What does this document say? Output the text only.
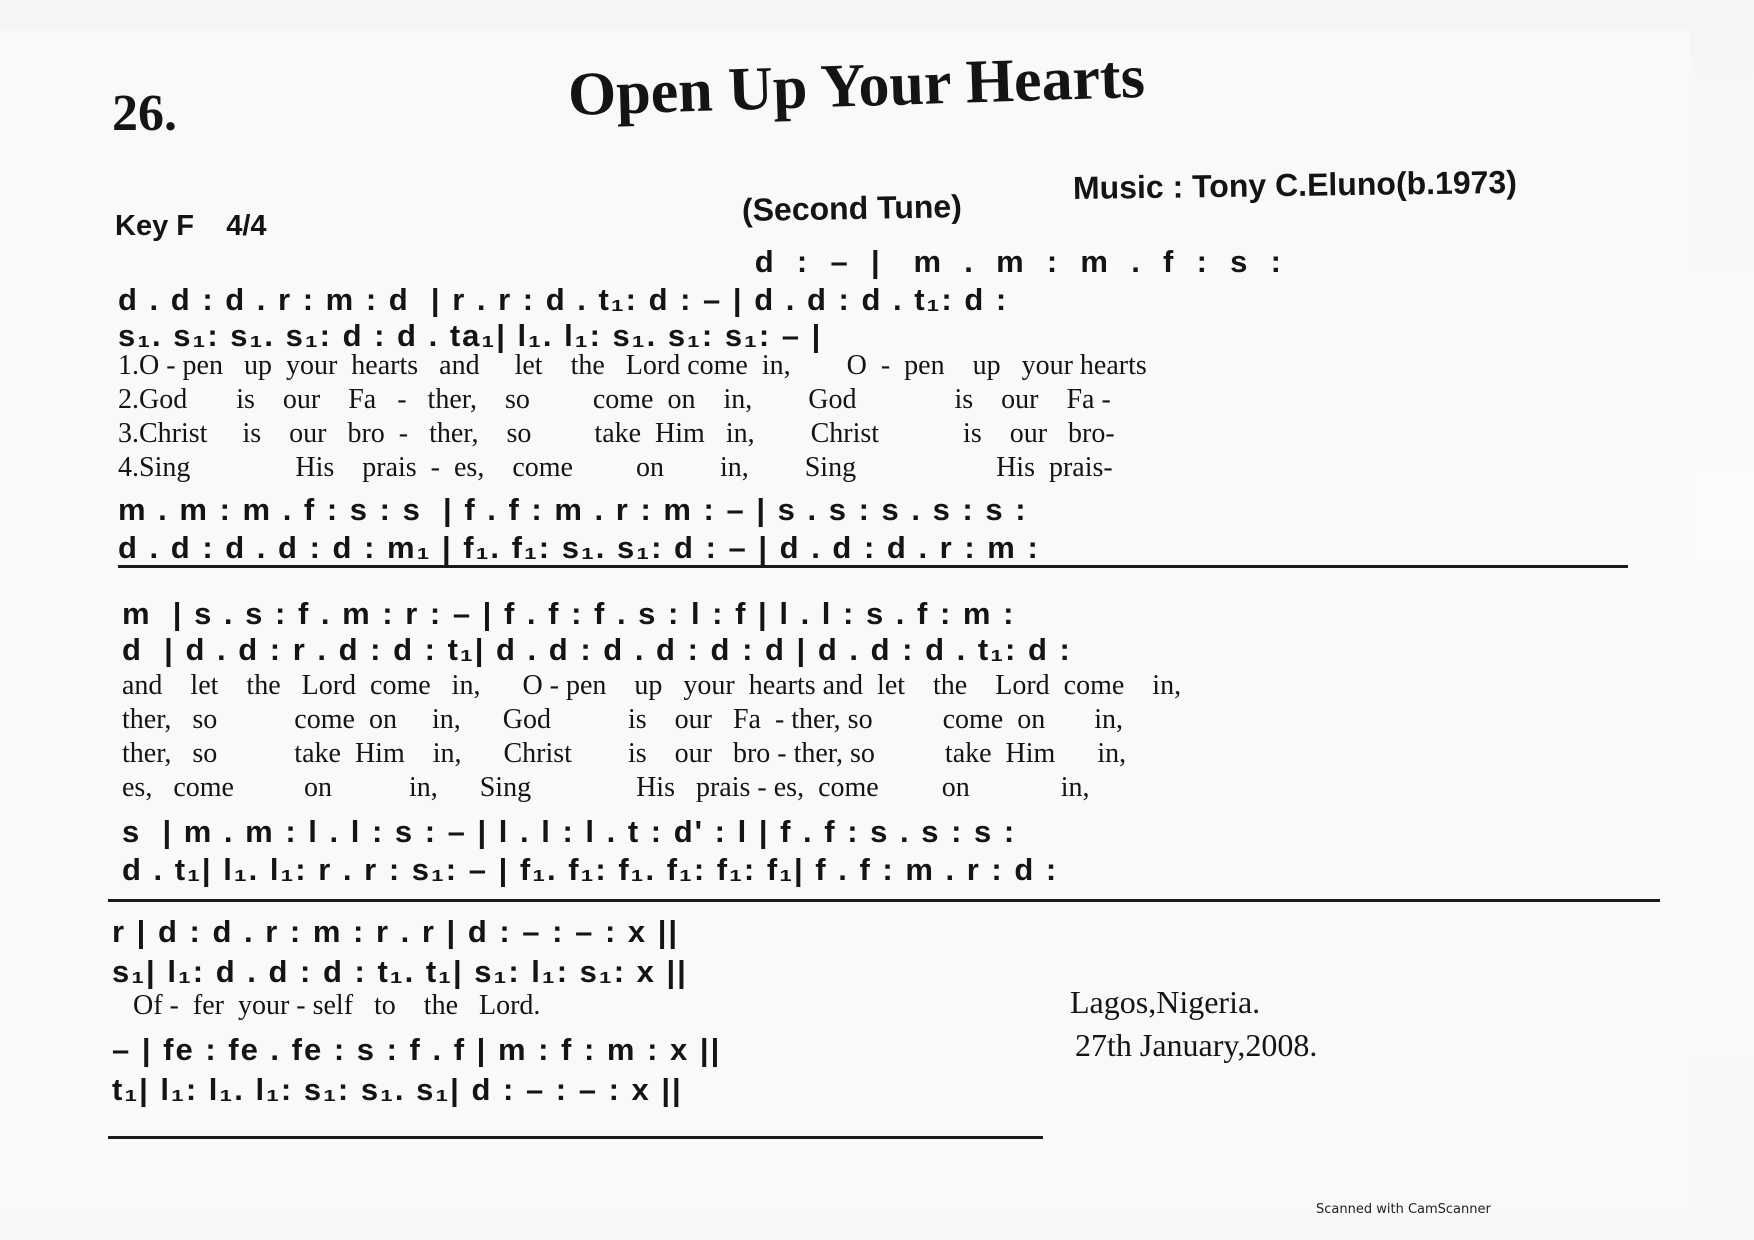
26.	Open Up Your Hearts
Key F    4/4	(Second Tune)
Music : Tony C.Eluno(b.1973)
d  :  –  |   m  .  m  :  m  .  f  :  s  :
d . d : d . r : m : d  | r . r : d . t₁: d : – | d . d : d . t₁: d :
s₁. s₁: s₁. s₁: d : d . ta₁| l₁. l₁: s₁. s₁: s₁: – |
1.O - pen   up  your  hearts   and     let    the   Lord come  in,        O  -  pen    up   your hearts
2.God       is    our    Fa   -   ther,    so         come  on    in,        God              is    our    Fa -
3.Christ     is    our   bro  -   ther,    so         take  Him   in,        Christ            is    our   bro-
4.Sing               His    prais  -  es,    come         on        in,        Sing                    His  prais-
m . m : m . f : s : s  | f . f : m . r : m : – | s . s : s . s : s :
d . d : d . d : d : m₁ | f₁. f₁: s₁. s₁: d : – | d . d : d . r : m :
m  | s . s : f . m : r : – | f . f : f . s : l : f | l . l : s . f : m :
d  | d . d : r . d : d : t₁| d . d : d . d : d : d | d . d : d . t₁: d :
and    let    the   Lord  come   in,      O - pen    up   your  hearts and  let    the    Lord  come    in,
ther,   so           come  on     in,      God           is    our   Fa  - ther, so          come  on       in,
ther,   so           take  Him    in,      Christ        is    our   bro - ther, so          take  Him      in,
es,   come          on           in,      Sing               His   prais - es,  come         on             in,
s  | m . m : l . l : s : – | l . l : l . t : d' : l | f . f : s . s : s :
d . t₁| l₁. l₁: r . r : s₁: – | f₁. f₁: f₁. f₁: f₁: f₁| f . f : m . r : d :
r | d : d . r : m : r . r | d : – : – : x ||
s₁| l₁: d . d : d : t₁. t₁| s₁: l₁: s₁: x ||
Of -  fer  your - self   to    the   Lord.
– | fe : fe . fe : s : f . f | m : f : m : x ||
t₁| l₁: l₁. l₁: s₁: s₁. s₁| d : – : – : x ||
Lagos,Nigeria.
27th January,2008.
Scanned with CamScanner
